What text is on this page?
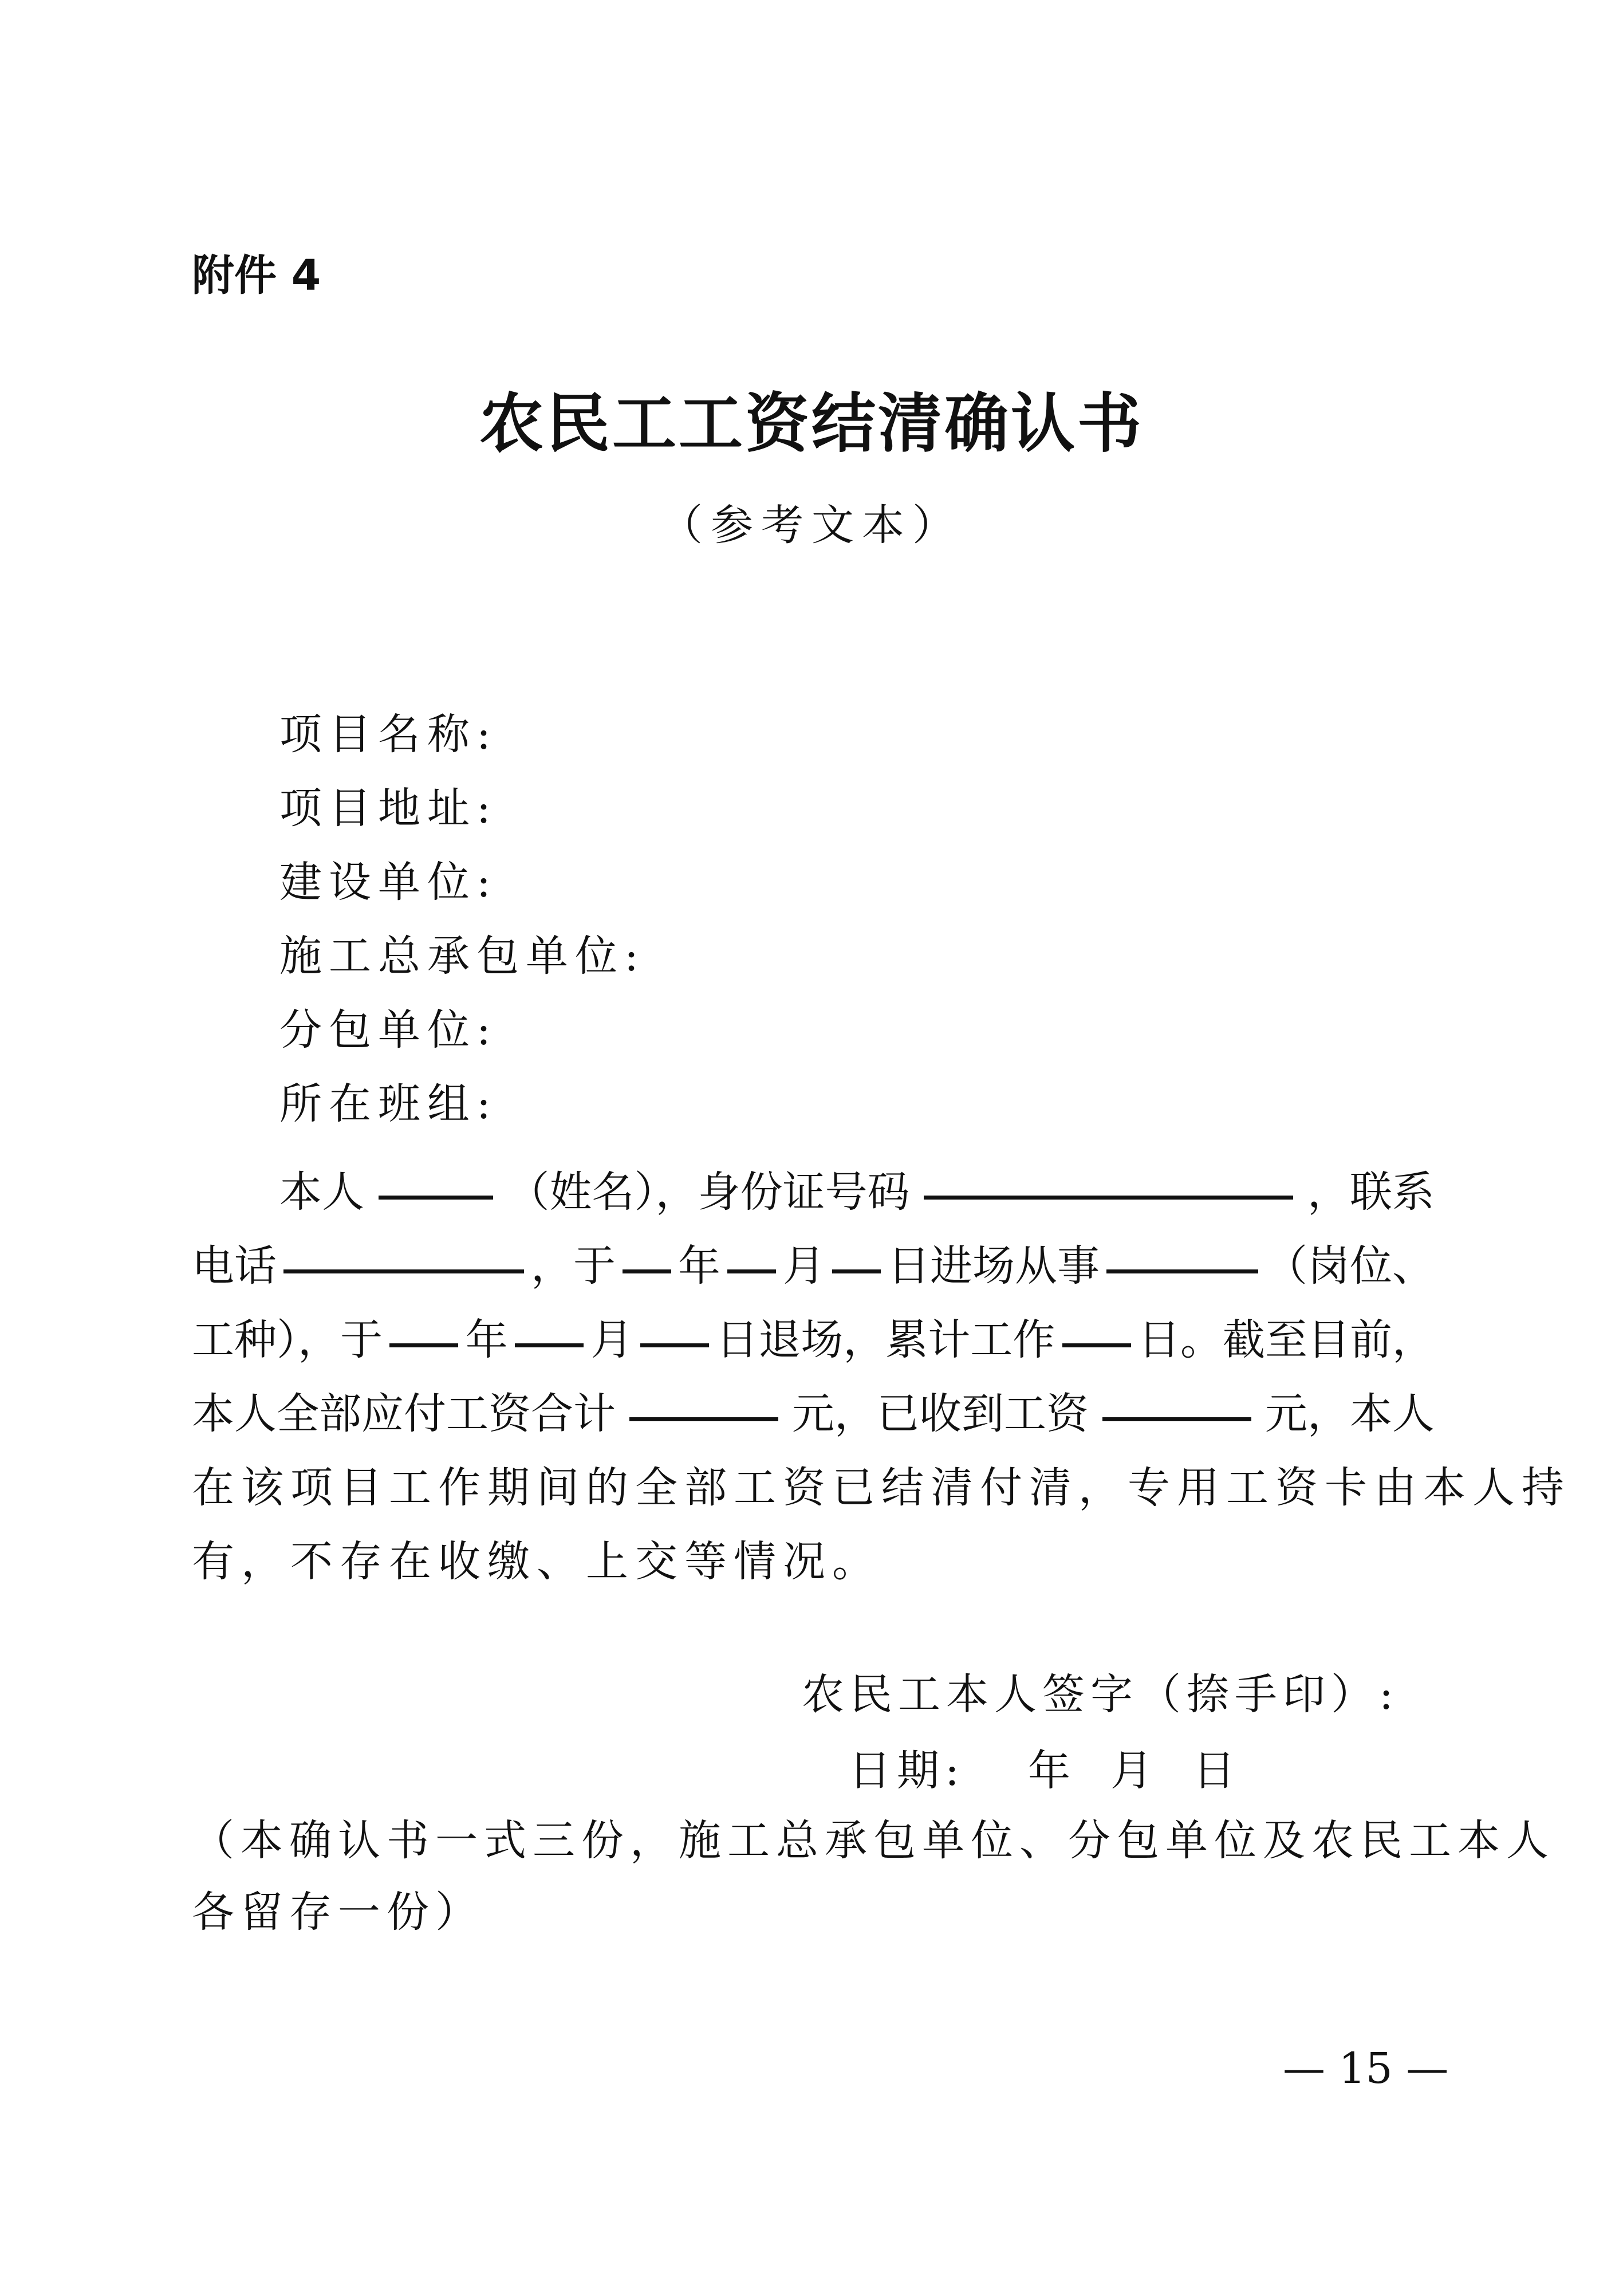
附件 4
农民工工资结清确认书
（参考文本）
项目名称:
项目地址:
建设单位:
施工总承包单位:
分包单位:
所在班组:
本人	（姓名），身份证号码	，联系
电话	，于 年 月 日进场从事	（岗位、
工种），于 年 月 日退场，累计工作 日。截至目前，
本人全部应付工资合计	元，已收到工资	元，本人
在该项目工作期间的全部工资已结清付清，专用工资卡由本人持
有，不存在收缴、上交等情况。
农民工本人签字（捺手印）:
日期: 年 月 日
（本确认书一式三份，施工总承包单位、分包单位及农民工本人
各留存一份）
— 15 —
